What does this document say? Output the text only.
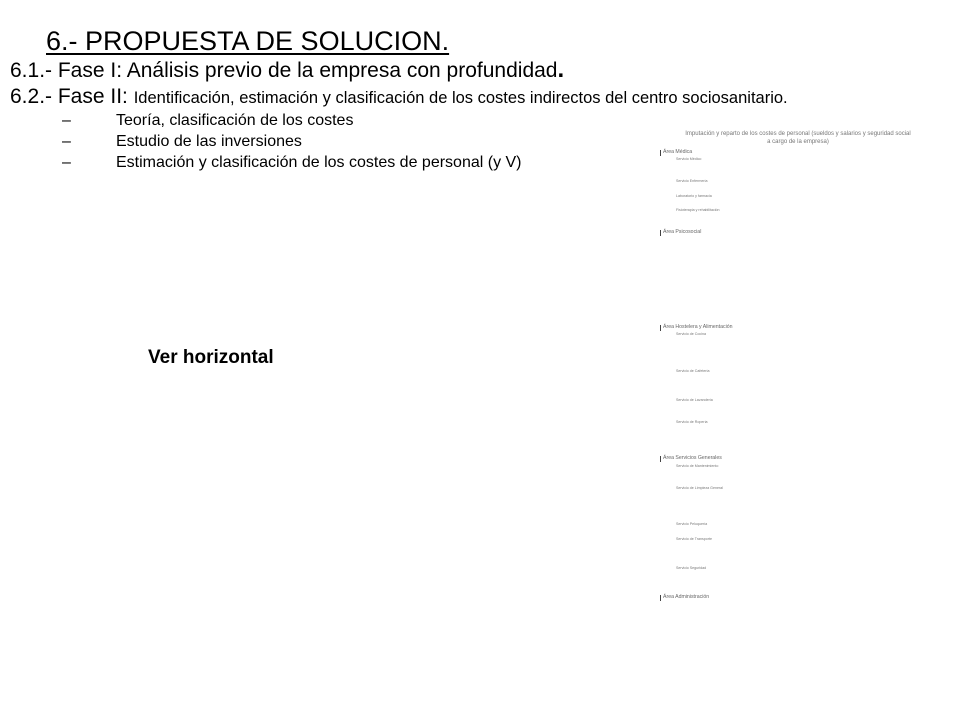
6.- PROPUESTA DE SOLUCION.
6.1.- Fase I: Análisis previo de la empresa con profundidad.
6.2.- Fase II: Identificación, estimación y clasificación de los costes indirectos del centro sociosanitario.
–	Teoría, clasificación de los costes
–	Estudio de las inversiones
–	Estimación y clasificación de los costes de personal (y V)
Ver horizontal
Imputación y reparto de los costes de personal (sueldos y salarios y seguridad social
a cargo de la empresa)
Área Médica
Servicio Médico
Servicio Enfermería
Laboratorio y farmacia
Fisioterapia y rehabilitación
Área Psicosocial
Área Hostelera y Alimentación
Servicio de Cocina
Servicio de Cafetería
Servicio de Lavandería
Servicio de Ropería
Área Servicios Generales
Servicio de Mantenimiento
Servicio de Limpieza General
Servicio Peluquería
Servicio de Transporte
Servicio Seguridad
Área Administración
